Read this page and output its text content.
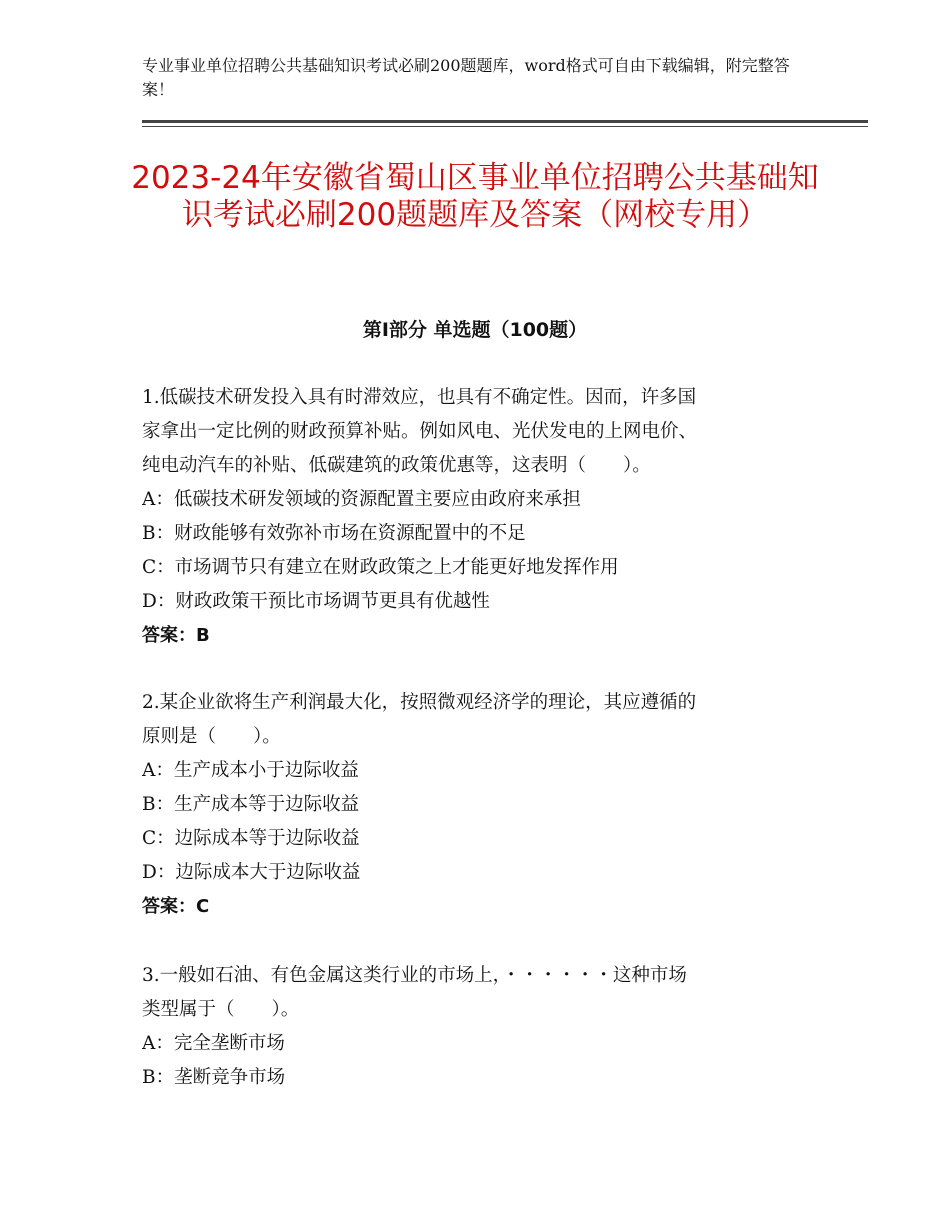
专业事业单位招聘公共基础知识考试必刷200题题库，word格式可自由下载编辑，附完整答案！
2023-24年安徽省蜀山区事业单位招聘公共基础知识考试必刷200题题库及答案（网校专用）
第Ⅰ部分 单选题（100题）
1.低碳技术研发投入具有时滞效应，也具有不确定性。因而，许多国
家拿出一定比例的财政预算补贴。例如风电、光伏发电的上网电价、
纯电动汽车的补贴、低碳建筑的政策优惠等，这表明（　　）。
A：低碳技术研发领域的资源配置主要应由政府来承担
B：财政能够有效弥补市场在资源配置中的不足
C：市场调节只有建立在财政政策之上才能更好地发挥作用
D：财政政策干预比市场调节更具有优越性
答案：B
2.某企业欲将生产利润最大化，按照微观经济学的理论，其应遵循的
原则是（　　）。
A：生产成本小于边际收益
B：生产成本等于边际收益
C：边际成本等于边际收益
D：边际成本大于边际收益
答案：C
3.一般如石油、有色金属这类行业的市场上，・・・・・・这种市场
类型属于（　　）。
A：完全垄断市场
B：垄断竞争市场
